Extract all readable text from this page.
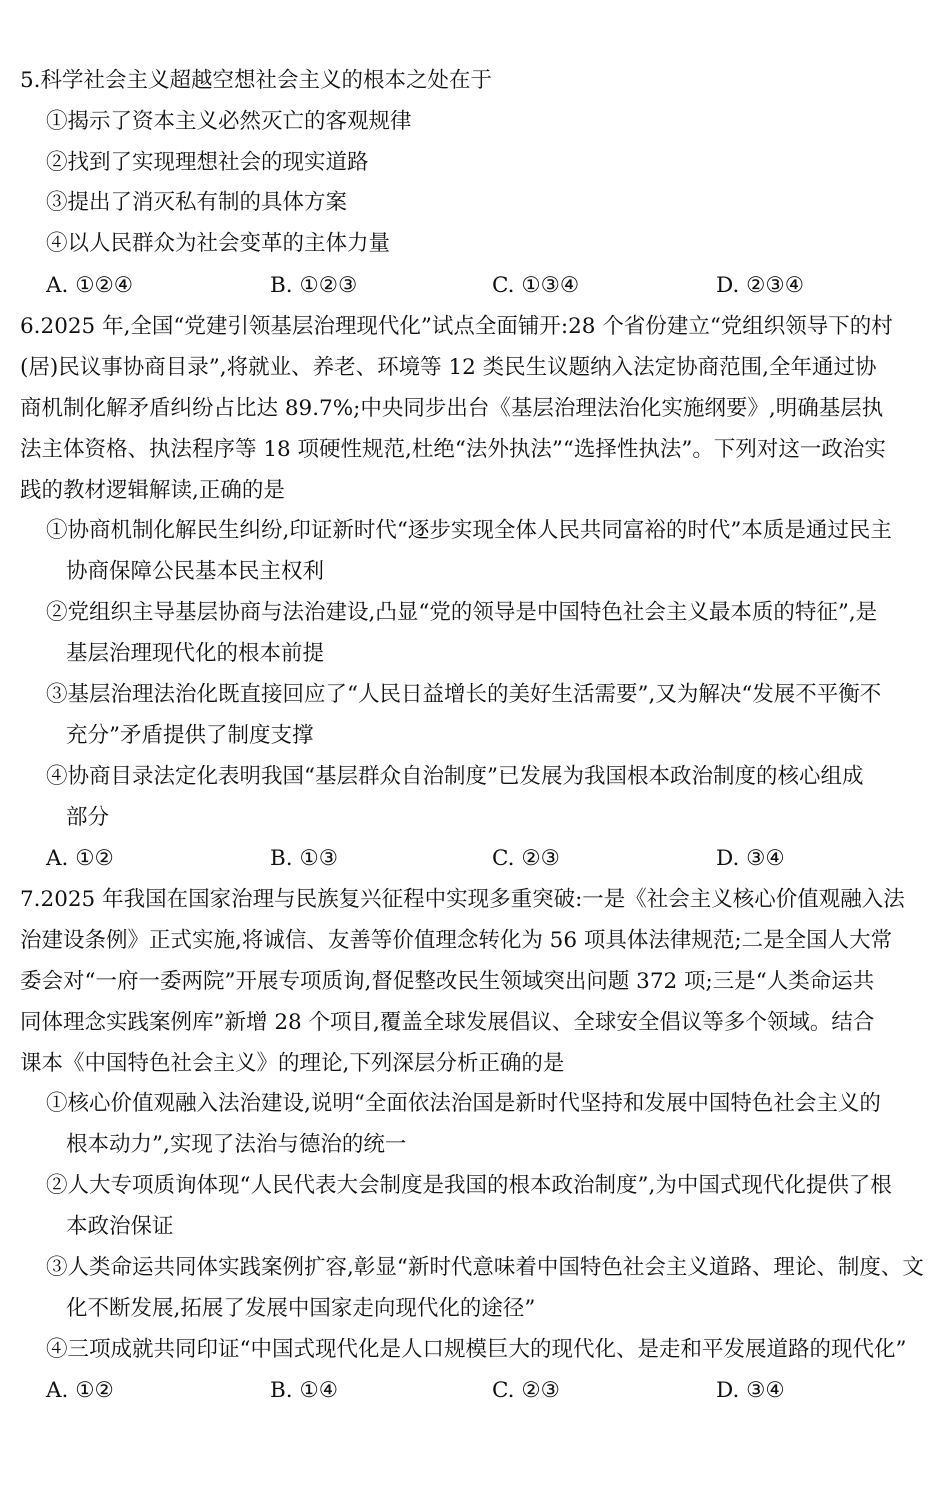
5.科学社会主义超越空想社会主义的根本之处在于
①揭示了资本主义必然灭亡的客观规律
②找到了实现理想社会的现实道路
③提出了消灭私有制的具体方案
④以人民群众为社会变革的主体力量
A. ①②④	B. ①②③	C. ①③④	D. ②③④
6.2025 年,全国“党建引领基层治理现代化”试点全面铺开:28 个省份建立“党组织领导下的村
(居)民议事协商目录”,将就业、养老、环境等 12 类民生议题纳入法定协商范围,全年通过协
商机制化解矛盾纠纷占比达 89.7%;中央同步出台《基层治理法治化实施纲要》,明确基层执
法主体资格、执法程序等 18 项硬性规范,杜绝“法外执法”“选择性执法”。下列对这一政治实
践的教材逻辑解读,正确的是
①协商机制化解民生纠纷,印证新时代“逐步实现全体人民共同富裕的时代”本质是通过民主
协商保障公民基本民主权利
②党组织主导基层协商与法治建设,凸显“党的领导是中国特色社会主义最本质的特征”,是
基层治理现代化的根本前提
③基层治理法治化既直接回应了“人民日益增长的美好生活需要”,又为解决“发展不平衡不
充分”矛盾提供了制度支撑
④协商目录法定化表明我国“基层群众自治制度”已发展为我国根本政治制度的核心组成
部分
A. ①②	B. ①③	C. ②③	D. ③④
7.2025 年我国在国家治理与民族复兴征程中实现多重突破:一是《社会主义核心价值观融入法
治建设条例》正式实施,将诚信、友善等价值理念转化为 56 项具体法律规范;二是全国人大常
委会对“一府一委两院”开展专项质询,督促整改民生领域突出问题 372 项;三是“人类命运共
同体理念实践案例库”新增 28 个项目,覆盖全球发展倡议、全球安全倡议等多个领域。结合
课本《中国特色社会主义》的理论,下列深层分析正确的是
①核心价值观融入法治建设,说明“全面依法治国是新时代坚持和发展中国特色社会主义的
根本动力”,实现了法治与德治的统一
②人大专项质询体现“人民代表大会制度是我国的根本政治制度”,为中国式现代化提供了根
本政治保证
③人类命运共同体实践案例扩容,彰显“新时代意味着中国特色社会主义道路、理论、制度、文
化不断发展,拓展了发展中国家走向现代化的途径”
④三项成就共同印证“中国式现代化是人口规模巨大的现代化、是走和平发展道路的现代化”
A. ①②	B. ①④	C. ②③	D. ③④
